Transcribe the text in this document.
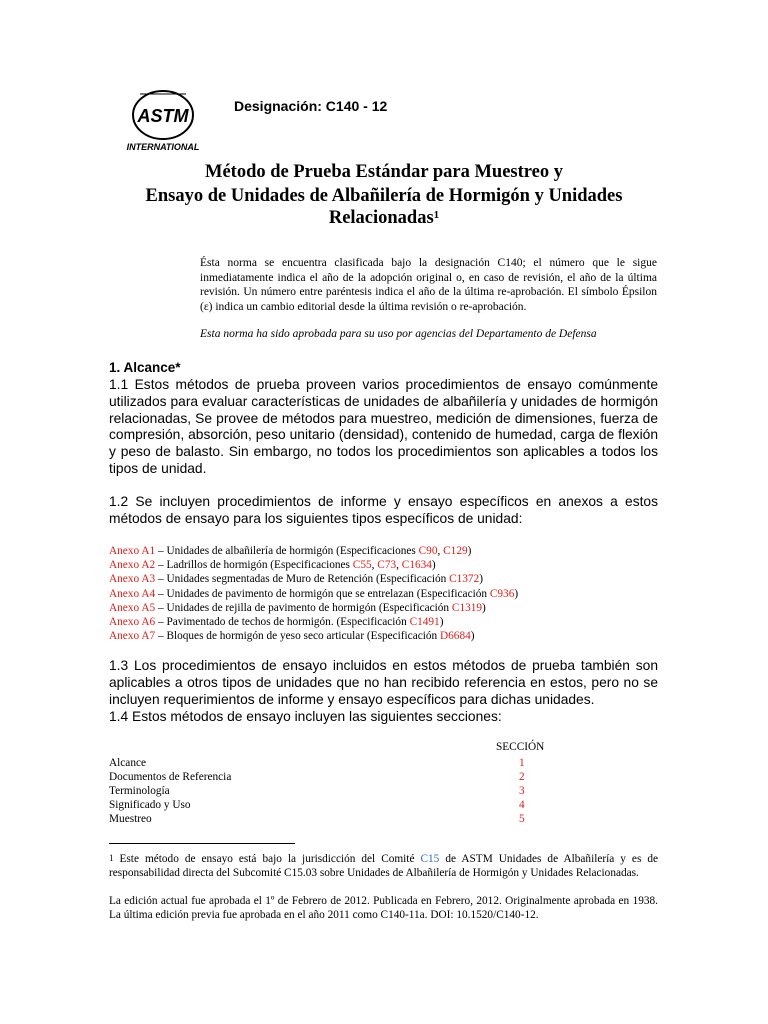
ASTM
INTERNATIONAL
Designación: C140 - 12
Método de Prueba Estándar para Muestreo y
Ensayo de Unidades de Albañilería de Hormigón y Unidades
Relacionadas$^1$
Ésta norma se encuentra clasificada bajo la designación C140; el número que le sigue inmediatamente indica el año de la adopción original o, en caso de revisión, el año de la última revisión. Un número entre paréntesis indica el año de la última re-aprobación. El símbolo Épsilon (ε) indica un cambio editorial desde la última revisión o re-aprobación.
Esta norma ha sido aprobada para su uso por agencias del Departamento de Defensa
1. Alcance*
1.1 Estos métodos de prueba proveen varios procedimientos de ensayo comúnmente utilizados para evaluar características de unidades de albañilería y unidades de hormigón relacionadas, Se provee de métodos para muestreo, medición de dimensiones, fuerza de compresión, absorción, peso unitario (densidad), contenido de humedad, carga de flexión y peso de balasto. Sin embargo, no todos los procedimientos son aplicables a todos los tipos de unidad.
1.2 Se incluyen procedimientos de informe y ensayo específicos en anexos a estos métodos de ensayo para los siguientes tipos específicos de unidad:
Anexo A1 – Unidades de albañilería de hormigón (Especificaciones C90, C129)
Anexo A2 – Ladrillos de hormigón (Especificaciones C55, C73, C1634)
Anexo A3 – Unidades segmentadas de Muro de Retención (Especificación C1372)
Anexo A4 – Unidades de pavimento de hormigón que se entrelazan (Especificación C936)
Anexo A5 – Unidades de rejilla de pavimento de hormigón (Especificación C1319)
Anexo A6 – Pavimentado de techos de hormigón. (Especificación C1491)
Anexo A7 – Bloques de hormigón de yeso seco articular (Especificación D6684)
1.3 Los procedimientos de ensayo incluidos en estos métodos de prueba también son aplicables a otros tipos de unidades que no han recibido referencia en estos, pero no se incluyen requerimientos de informe y ensayo específicos para dichas unidades.
1.4 Estos métodos de ensayo incluyen las siguientes secciones:
SECCIÓN
Alcance	1
Documentos de Referencia	2
Terminología	3
Significado y Uso	4
Muestreo	5
$^1$ Este método de ensayo está bajo la jurisdicción del Comité C15 de ASTM Unidades de Albañilería y es de responsabilidad directa del Subcomité C15.03 sobre Unidades de Albañilería de Hormigón y Unidades Relacionadas.
La edición actual fue aprobada el 1º de Febrero de 2012. Publicada en Febrero, 2012. Originalmente aprobada en 1938. La última edición previa fue aprobada en el año 2011 como C140-11a. DOI: 10.1520/C140-12.
